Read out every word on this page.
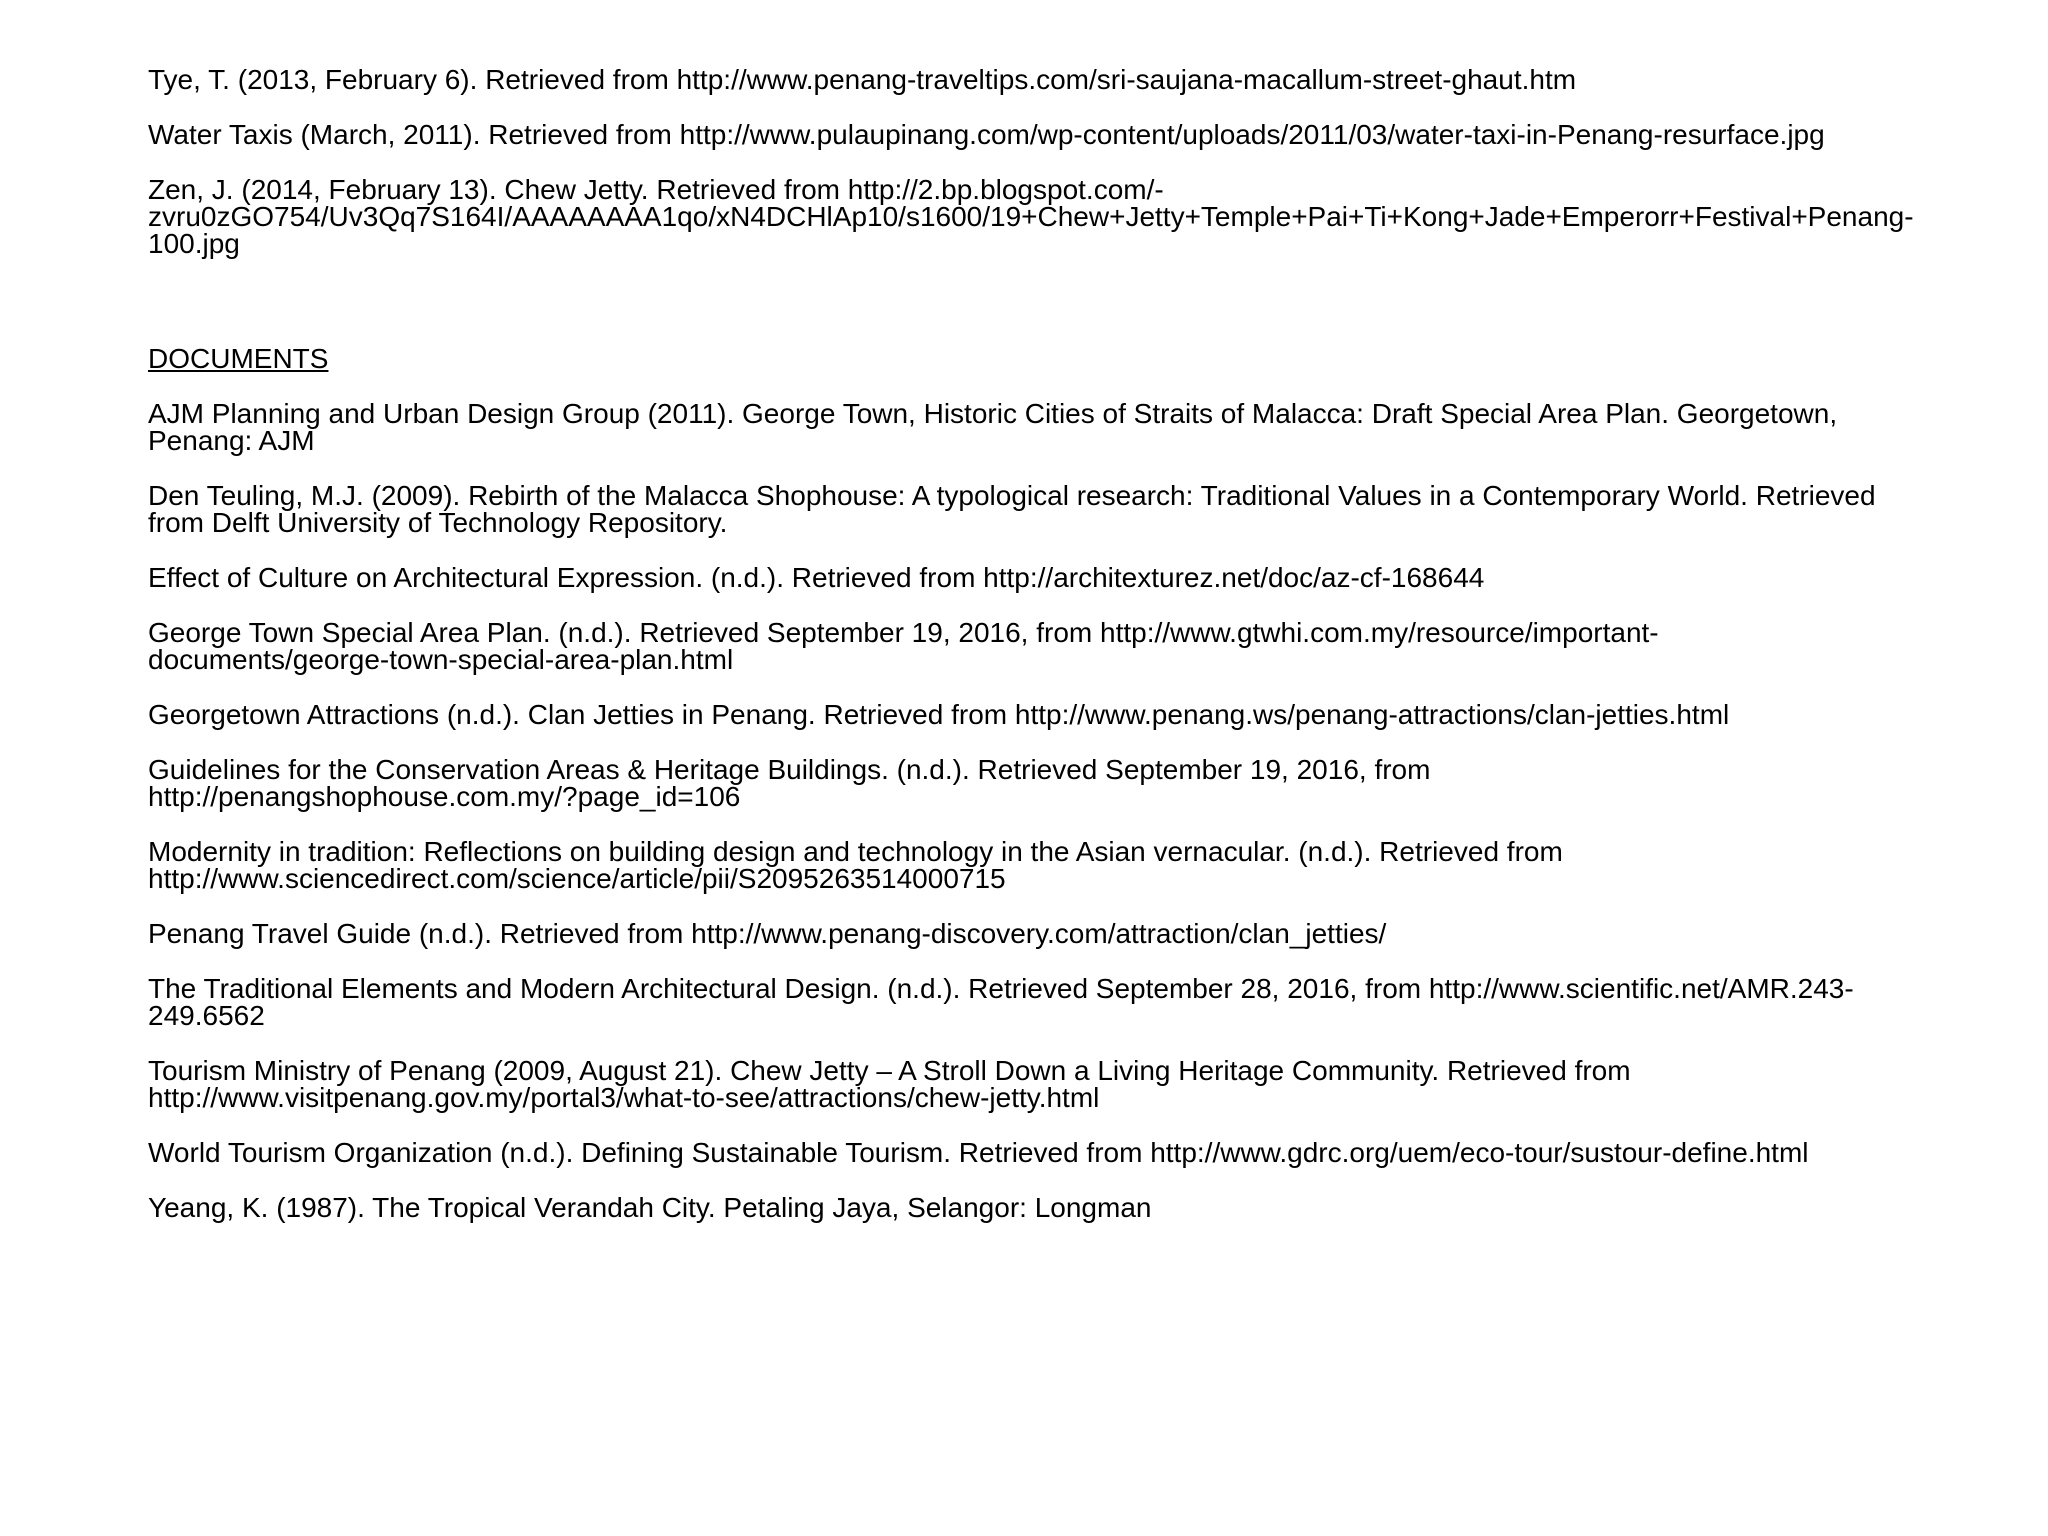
Tye, T. (2013, February 6). Retrieved from http://www.penang-traveltips.com/sri-saujana-macallum-street-ghaut.htm
Water Taxis (March, 2011). Retrieved from http://www.pulaupinang.com/wp-content/uploads/2011/03/water-taxi-in-Penang-resurface.jpg
Zen, J. (2014, February 13). Chew Jetty. Retrieved from http://2.bp.blogspot.com/-
zvru0zGO754/Uv3Qq7S164I/AAAAAAAA1qo/xN4DCHlAp10/s1600/19+Chew+Jetty+Temple+Pai+Ti+Kong+Jade+Emperorr+Festival+Penang-
100.jpg
DOCUMENTS
AJM Planning and Urban Design Group (2011). George Town, Historic Cities of Straits of Malacca: Draft Special Area Plan. Georgetown,
Penang: AJM
Den Teuling, M.J. (2009). Rebirth of the Malacca Shophouse: A typological research: Traditional Values in a Contemporary World. Retrieved
from Delft University of Technology Repository.
Effect of Culture on Architectural Expression. (n.d.). Retrieved from http://architexturez.net/doc/az-cf-168644
George Town Special Area Plan. (n.d.). Retrieved September 19, 2016, from http://www.gtwhi.com.my/resource/important-
documents/george-town-special-area-plan.html
Georgetown Attractions (n.d.). Clan Jetties in Penang. Retrieved from http://www.penang.ws/penang-attractions/clan-jetties.html
Guidelines for the Conservation Areas & Heritage Buildings. (n.d.). Retrieved September 19, 2016, from
http://penangshophouse.com.my/?page_id=106
Modernity in tradition: Reflections on building design and technology in the Asian vernacular. (n.d.). Retrieved from
http://www.sciencedirect.com/science/article/pii/S2095263514000715
Penang Travel Guide (n.d.). Retrieved from http://www.penang-discovery.com/attraction/clan_jetties/
The Traditional Elements and Modern Architectural Design. (n.d.). Retrieved September 28, 2016, from http://www.scientific.net/AMR.243-
249.6562
Tourism Ministry of Penang (2009, August 21). Chew Jetty – A Stroll Down a Living Heritage Community. Retrieved from
http://www.visitpenang.gov.my/portal3/what-to-see/attractions/chew-jetty.html
World Tourism Organization (n.d.). Defining Sustainable Tourism. Retrieved from http://www.gdrc.org/uem/eco-tour/sustour-define.html
Yeang, K. (1987). The Tropical Verandah City. Petaling Jaya, Selangor: Longman
